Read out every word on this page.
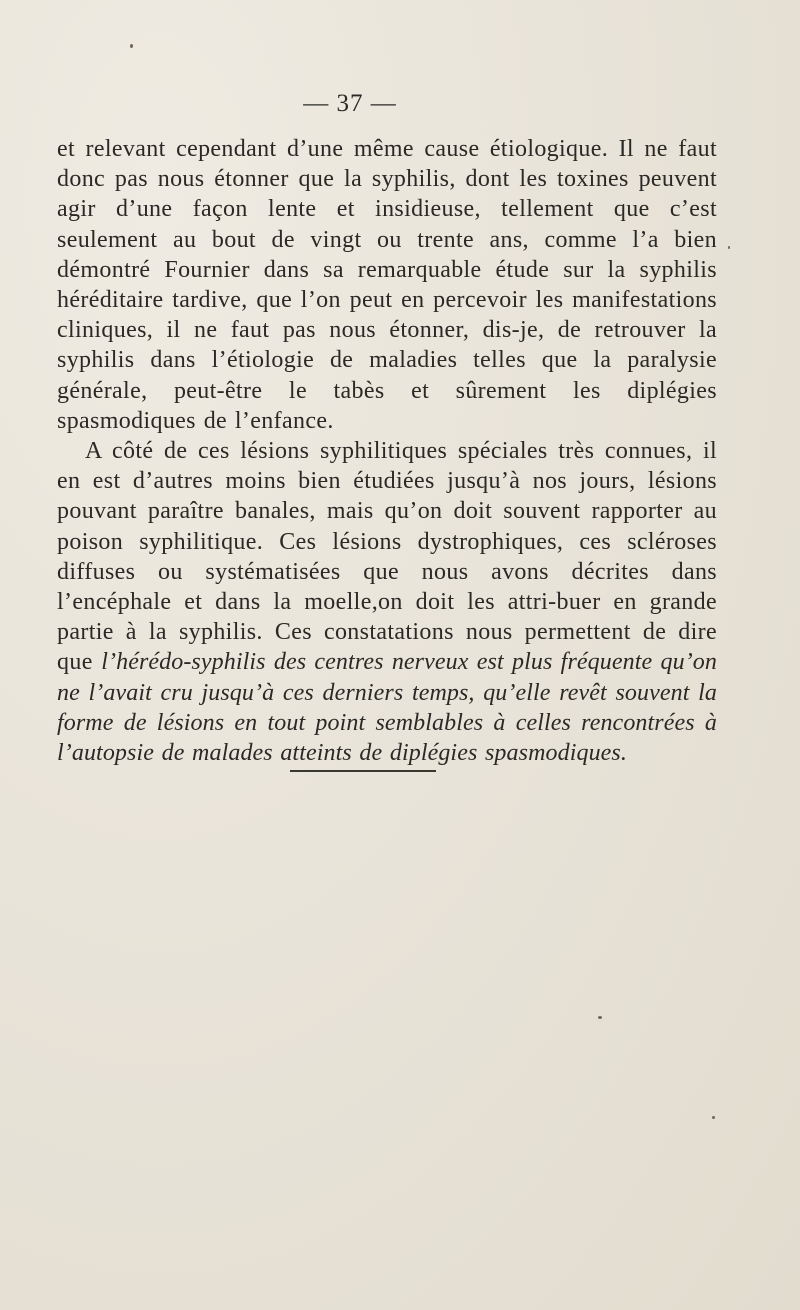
— 37 —

et relevant cependant d’une même cause étiologique. Il ne faut donc pas nous étonner que la syphilis, dont les toxines peuvent agir d’une façon lente et insidieuse, tellement que c’est seulement au bout de vingt ou trente ans, comme l’a bien démontré Fournier dans sa remarquable étude sur la syphilis héréditaire tardive, que l’on peut en percevoir les manifestations cliniques, il ne faut pas nous étonner, dis-je, de retrouver la syphilis dans l’étiologie de maladies telles que la paralysie générale, peut-être le tabès et sûrement les diplégies spasmodiques de l’enfance.

A côté de ces lésions syphilitiques spéciales très connues, il en est d’autres moins bien étudiées jusqu’à nos jours, lésions pouvant paraître banales, mais qu’on doit souvent rapporter au poison syphilitique. Ces lésions dystrophiques, ces scléroses diffuses ou systématisées que nous avons décrites dans l’encéphale et dans la moelle,on doit les attri-buer en grande partie à la syphilis. Ces constatations nous permettent de dire que l’hérédo-syphilis des centres nerveux est plus fréquente qu’on ne l’avait cru jusqu’à ces derniers temps, qu’elle revêt souvent la forme de lésions en tout point semblables à celles rencontrées à l’autopsie de malades atteints de diplégies spasmodiques.
